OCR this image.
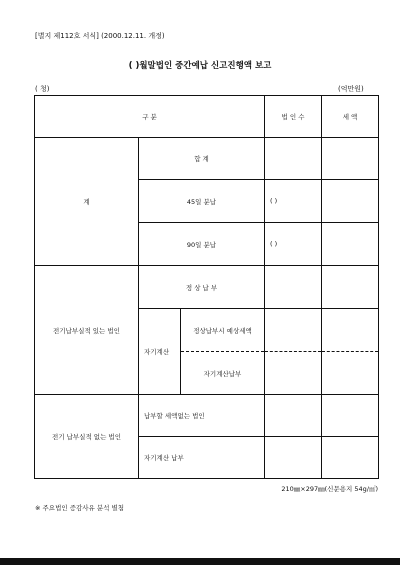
[별지 제112호 서식] (2000.12.11. 개정)
( )월말법인 중간예납 신고진행액 보고
( 청)	(억만원)
구 분			법 인 수	세 액
계	합 계			
	45일 분납		( )	
	90일 분납		( )	
전기납부실적 있는 법인	정 상 납 부			
	자기계산	정상납부시 예상세액		
		자기계산납부		
전기 납부실적 없는 법인	납부할 세액없는 법인			
	자기계산 납부			
210㎜×297㎜(신문용지 54g/㎡)
※ 주요법인 증감사유 분석 별첨
